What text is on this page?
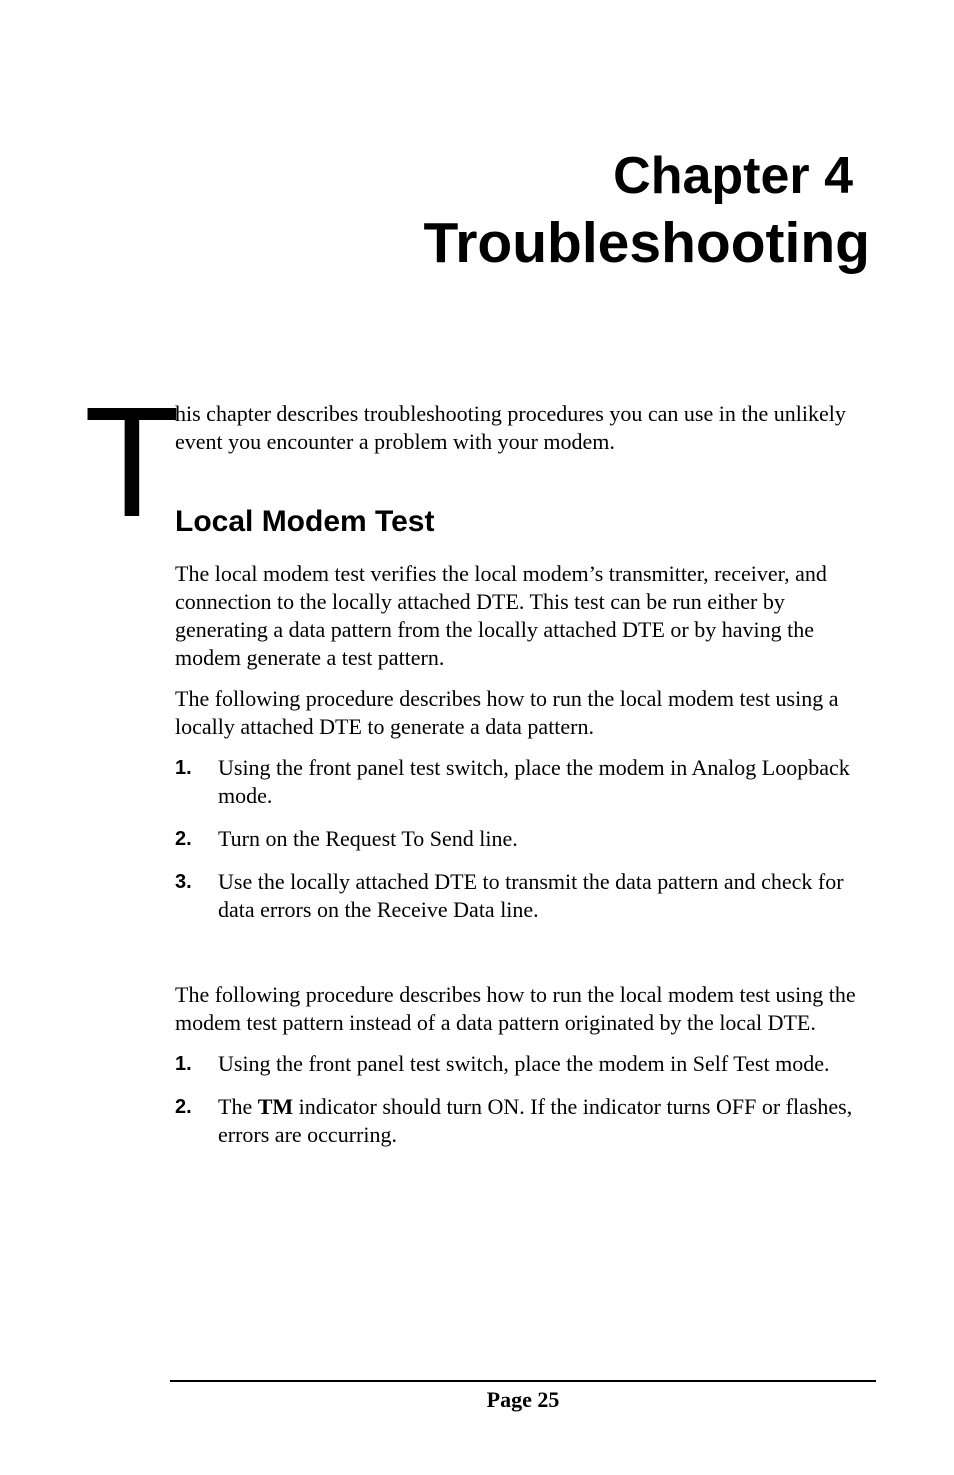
Chapter 4
Troubleshooting
T

his chapter describes troubleshooting procedures you can use in the unlikely event you encounter a problem with your modem.

Local Modem Test

The local modem test verifies the local modem’s transmitter, receiver, and connection to the locally attached DTE. This test can be run either by generating a data pattern from the locally attached DTE or by having the modem generate a test pattern.

The following procedure describes how to run the local modem test using a locally attached DTE to generate a data pattern.

1.	Using the front panel test switch, place the modem in Analog Loopback mode.
2.	Turn on the Request To Send line.
3.	Use the locally attached DTE to transmit the data pattern and check for data errors on the Receive Data line.

The following procedure describes how to run the local modem test using the modem test pattern instead of a data pattern originated by the local DTE.

1.	Using the front panel test switch, place the modem in Self Test mode.
2.	The TM indicator should turn ON. If the indicator turns OFF or flashes, errors are occurring.
Page 25
